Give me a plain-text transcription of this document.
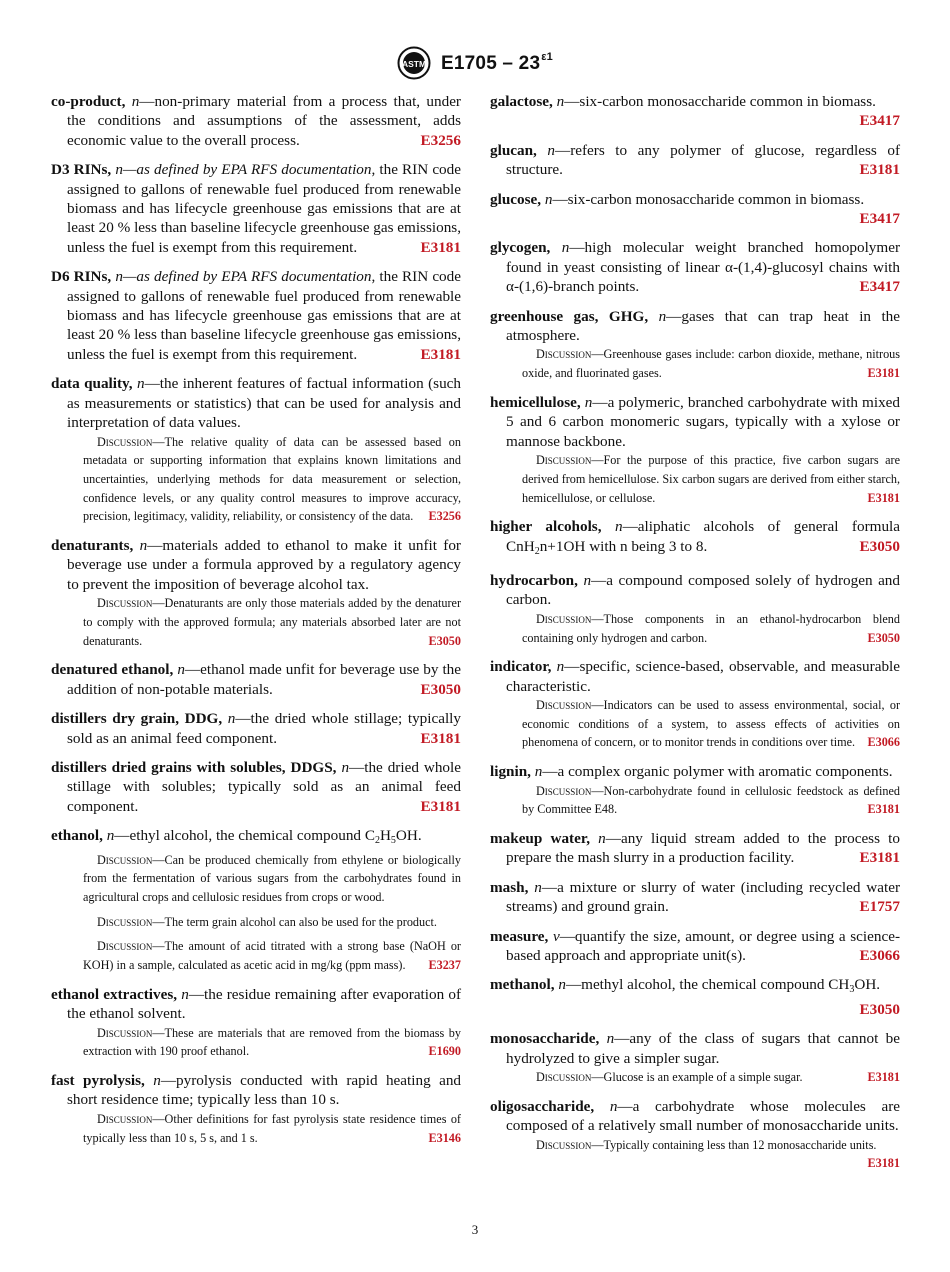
ASTM $E1705 - 23^{\varepsilon 1}$
co-product, n—non-primary material from a process that, under the conditions and assumptions of the assessment, adds economic value to the overall process.	E3256
D3 RINs, n—as defined by EPA RFS documentation, the RIN code assigned to gallons of renewable fuel produced from renewable biomass and has lifecycle greenhouse gas emissions that are at least 20 % less than baseline lifecycle greenhouse gas emissions, unless the fuel is exempt from this requirement.	E3181
D6 RINs, n—as defined by EPA RFS documentation, the RIN code assigned to gallons of renewable fuel produced from renewable biomass and has lifecycle greenhouse gas emissions that are at least 20 % less than baseline lifecycle greenhouse gas emissions, unless the fuel is exempt from this requirement.	E3181
data quality, n—the inherent features of factual information (such as measurements or statistics) that can be used for analysis and interpretation of data values.
Discussion—The relative quality of data can be assessed based on metadata or supporting information that explains known limitations and uncertainties, underlying methods for data measurement or selection, confidence levels, or any quality control measures to improve accuracy, precision, legitimacy, validity, reliability, or consistency of the data. E3256
denaturants, n—materials added to ethanol to make it unfit for beverage use under a formula approved by a regulatory agency to prevent the imposition of beverage alcohol tax.
Discussion—Denaturants are only those materials added by the denaturer to comply with the approved formula; any materials absorbed later are not denaturants.	E3050
denatured ethanol, n—ethanol made unfit for beverage use by the addition of non-potable materials.	E3050
distillers dry grain, DDG, n—the dried whole stillage; typically sold as an animal feed component.	E3181
distillers dried grains with solubles, DDGS, n—the dried whole stillage with solubles; typically sold as an animal feed component.	E3181
ethanol, n—ethyl alcohol, the chemical compound $C_2H_5OH$.
Discussion—Can be produced chemically from ethylene or biologically from the fermentation of various sugars from the carbohydrates found in agricultural crops and cellulosic residues from crops or wood.
Discussion—The term grain alcohol can also be used for the product.
Discussion—The amount of acid titrated with a strong base (NaOH or KOH) in a sample, calculated as acetic acid in mg/kg (ppm mass). E3237
ethanol extractives, n—the residue remaining after evaporation of the ethanol solvent.
Discussion—These are materials that are removed from the biomass by extraction with 190 proof ethanol.	E1690
fast pyrolysis, n—pyrolysis conducted with rapid heating and short residence time; typically less than 10 s.
Discussion—Other definitions for fast pyrolysis state residence times of typically less than 10 s, 5 s, and 1 s.	E3146
galactose, n—six-carbon monosaccharide common in biomass.
E3417
glucan, n—refers to any polymer of glucose, regardless of structure.	E3181
glucose, n—six-carbon monosaccharide common in biomass.
E3417
glycogen, n—high molecular weight branched homopolymer found in yeast consisting of linear α-(1,4)-glucosyl chains with α-(1,6)-branch points.	E3417
greenhouse gas, GHG, n—gases that can trap heat in the atmosphere.
Discussion—Greenhouse gases include: carbon dioxide, methane, nitrous oxide, and fluorinated gases.	E3181
hemicellulose, n—a polymeric, branched carbohydrate with mixed 5 and 6 carbon monomeric sugars, typically with a xylose or mannose backbone.
Discussion—For the purpose of this practice, five carbon sugars are derived from hemicellulose. Six carbon sugars are derived from either starch, hemicellulose, or cellulose.	E3181
higher alcohols, n—aliphatic alcohols of general formula CnH$_2$n+1OH with n being 3 to 8.	E3050
hydrocarbon, n—a compound composed solely of hydrogen and carbon.
Discussion—Those components in an ethanol-hydrocarbon blend containing only hydrogen and carbon.	E3050
indicator, n—specific, science-based, observable, and measurable characteristic.
Discussion—Indicators can be used to assess environmental, social, or economic conditions of a system, to assess effects of activities on phenomena of concern, or to monitor trends in conditions over time. E3066
lignin, n—a complex organic polymer with aromatic components.
Discussion—Non-carbohydrate found in cellulosic feedstock as defined by Committee E48.	E3181
makeup water, n—any liquid stream added to the process to prepare the mash slurry in a production facility.	E3181
mash, n—a mixture or slurry of water (including recycled water streams) and ground grain.	E1757
measure, v—quantify the size, amount, or degree using a science-based approach and appropriate unit(s).	E3066
methanol, n—methyl alcohol, the chemical compound $CH_3OH$.
E3050
monosaccharide, n—any of the class of sugars that cannot be hydrolyzed to give a simpler sugar.
Discussion—Glucose is an example of a simple sugar.	E3181
oligosaccharide, n—a carbohydrate whose molecules are composed of a relatively small number of monosaccharide units.
Discussion—Typically containing less than 12 monosaccharide units.
E3181
3
